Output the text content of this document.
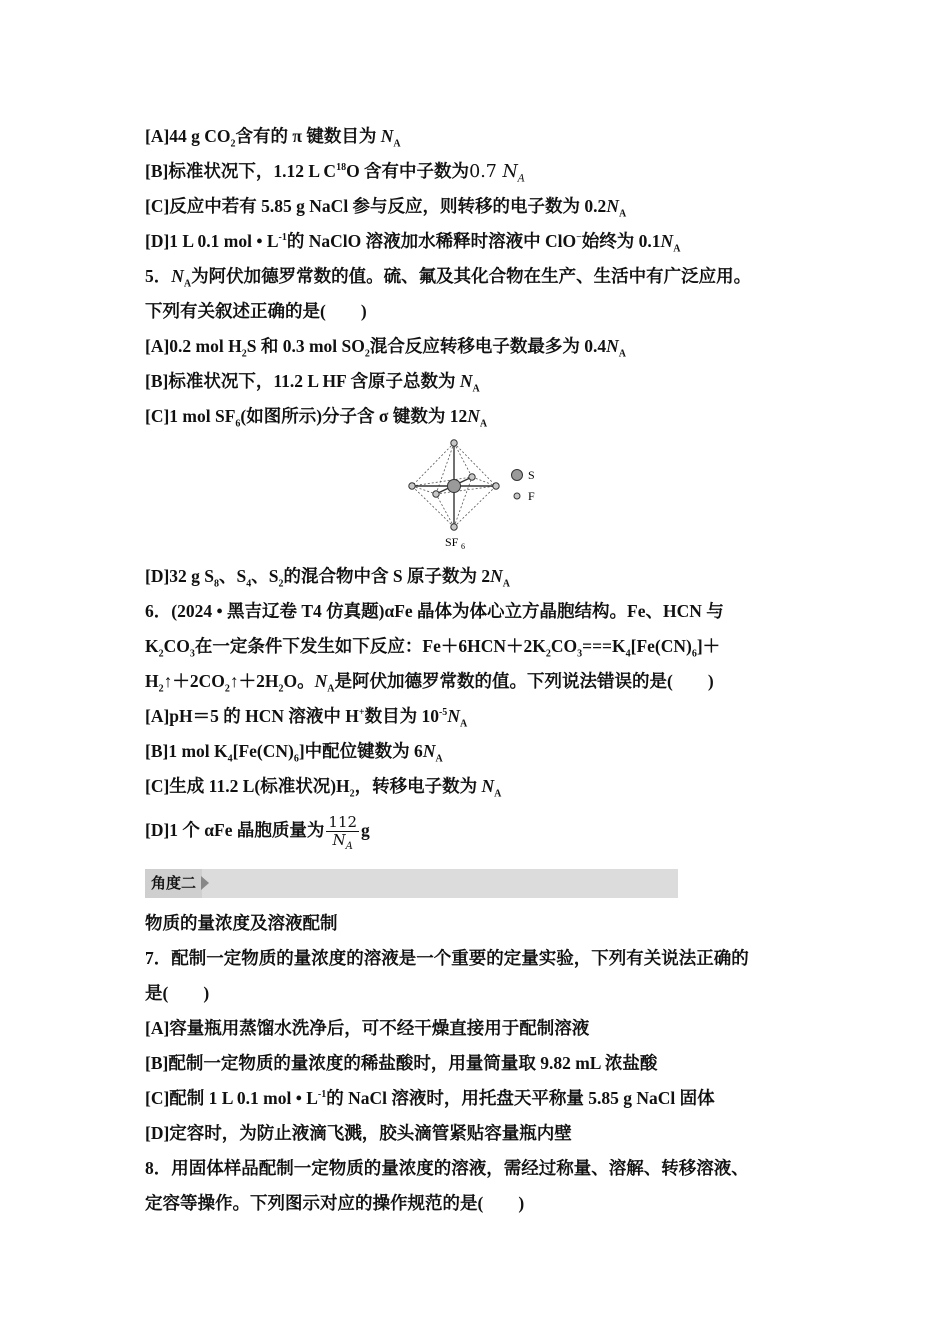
[A]44 g $CO_2$含有的 π 键数目为 $N_A$
[B]标准状况下，1.12 L $C^{18}O$ 含有中子数为0.7 $N_A$
[C]反应中若有 5.85 g NaCl 参与反应，则转移的电子数为 $0.2N_A$
[D]1 L 0.1 mol • $L^{-1}$的 NaClO 溶液加水稀释时溶液中 ClO−始终为 $0.1N_A$
5．$N_A$为阿伏加德罗常数的值。硫、氟及其化合物在生产、生活中有广泛应用。
下列有关叙述正确的是(　　)
[A]0.2 mol $H_2S$ 和 0.3 mol $SO_2$混合反应转移电子数最多为 $0.4N_A$
[B]标准状况下，11.2 L HF 含原子总数为 $N_A$
[C]1 mol $SF_6$(如图所示)分子含 σ 键数为 $12N_A$
S
F
SF 6
[D]32 g $S_8$、$S_4$、$S_2$的混合物中含 S 原子数为 $2N_A$
6．(2024 • 黑吉辽卷 T4 仿真题)αFe 晶体为体心立方晶胞结构。Fe、HCN 与
$K_2CO_3$在一定条件下发生如下反应：$Fe+6HCN+2K_2CO_3===K_4[Fe(CN)_6]+$
$H_2↑+2CO_2↑+2H_2O$。$N_A$是阿伏加德罗常数的值。下列说法错误的是(　　)
[A]pH＝5 的 HCN 溶液中 H+数目为 $10^{-5}N_A$
[B]1 mol $K_4[Fe(CN)_6]$中配位键数为 $6N_A$
[C]生成 11.2 L(标准状况)$H_2$，转移电子数为 $N_A$
[D]1 个 αFe 晶胞质量为 $\frac{112}{N_A}$ g
角度二
物质的量浓度及溶液配制
7．配制一定物质的量浓度的溶液是一个重要的定量实验，下列有关说法正确的
是(　　)
[A]容量瓶用蒸馏水洗净后，可不经干燥直接用于配制溶液
[B]配制一定物质的量浓度的稀盐酸时，用量筒量取 9.82 mL 浓盐酸
[C]配制 1 L 0.1 mol • $L^{-1}$的 NaCl 溶液时，用托盘天平称量 5.85 g NaCl 固体
[D]定容时，为防止液滴飞溅，胶头滴管紧贴容量瓶内壁
8．用固体样品配制一定物质的量浓度的溶液，需经过称量、溶解、转移溶液、
定容等操作。下列图示对应的操作规范的是(　　)
